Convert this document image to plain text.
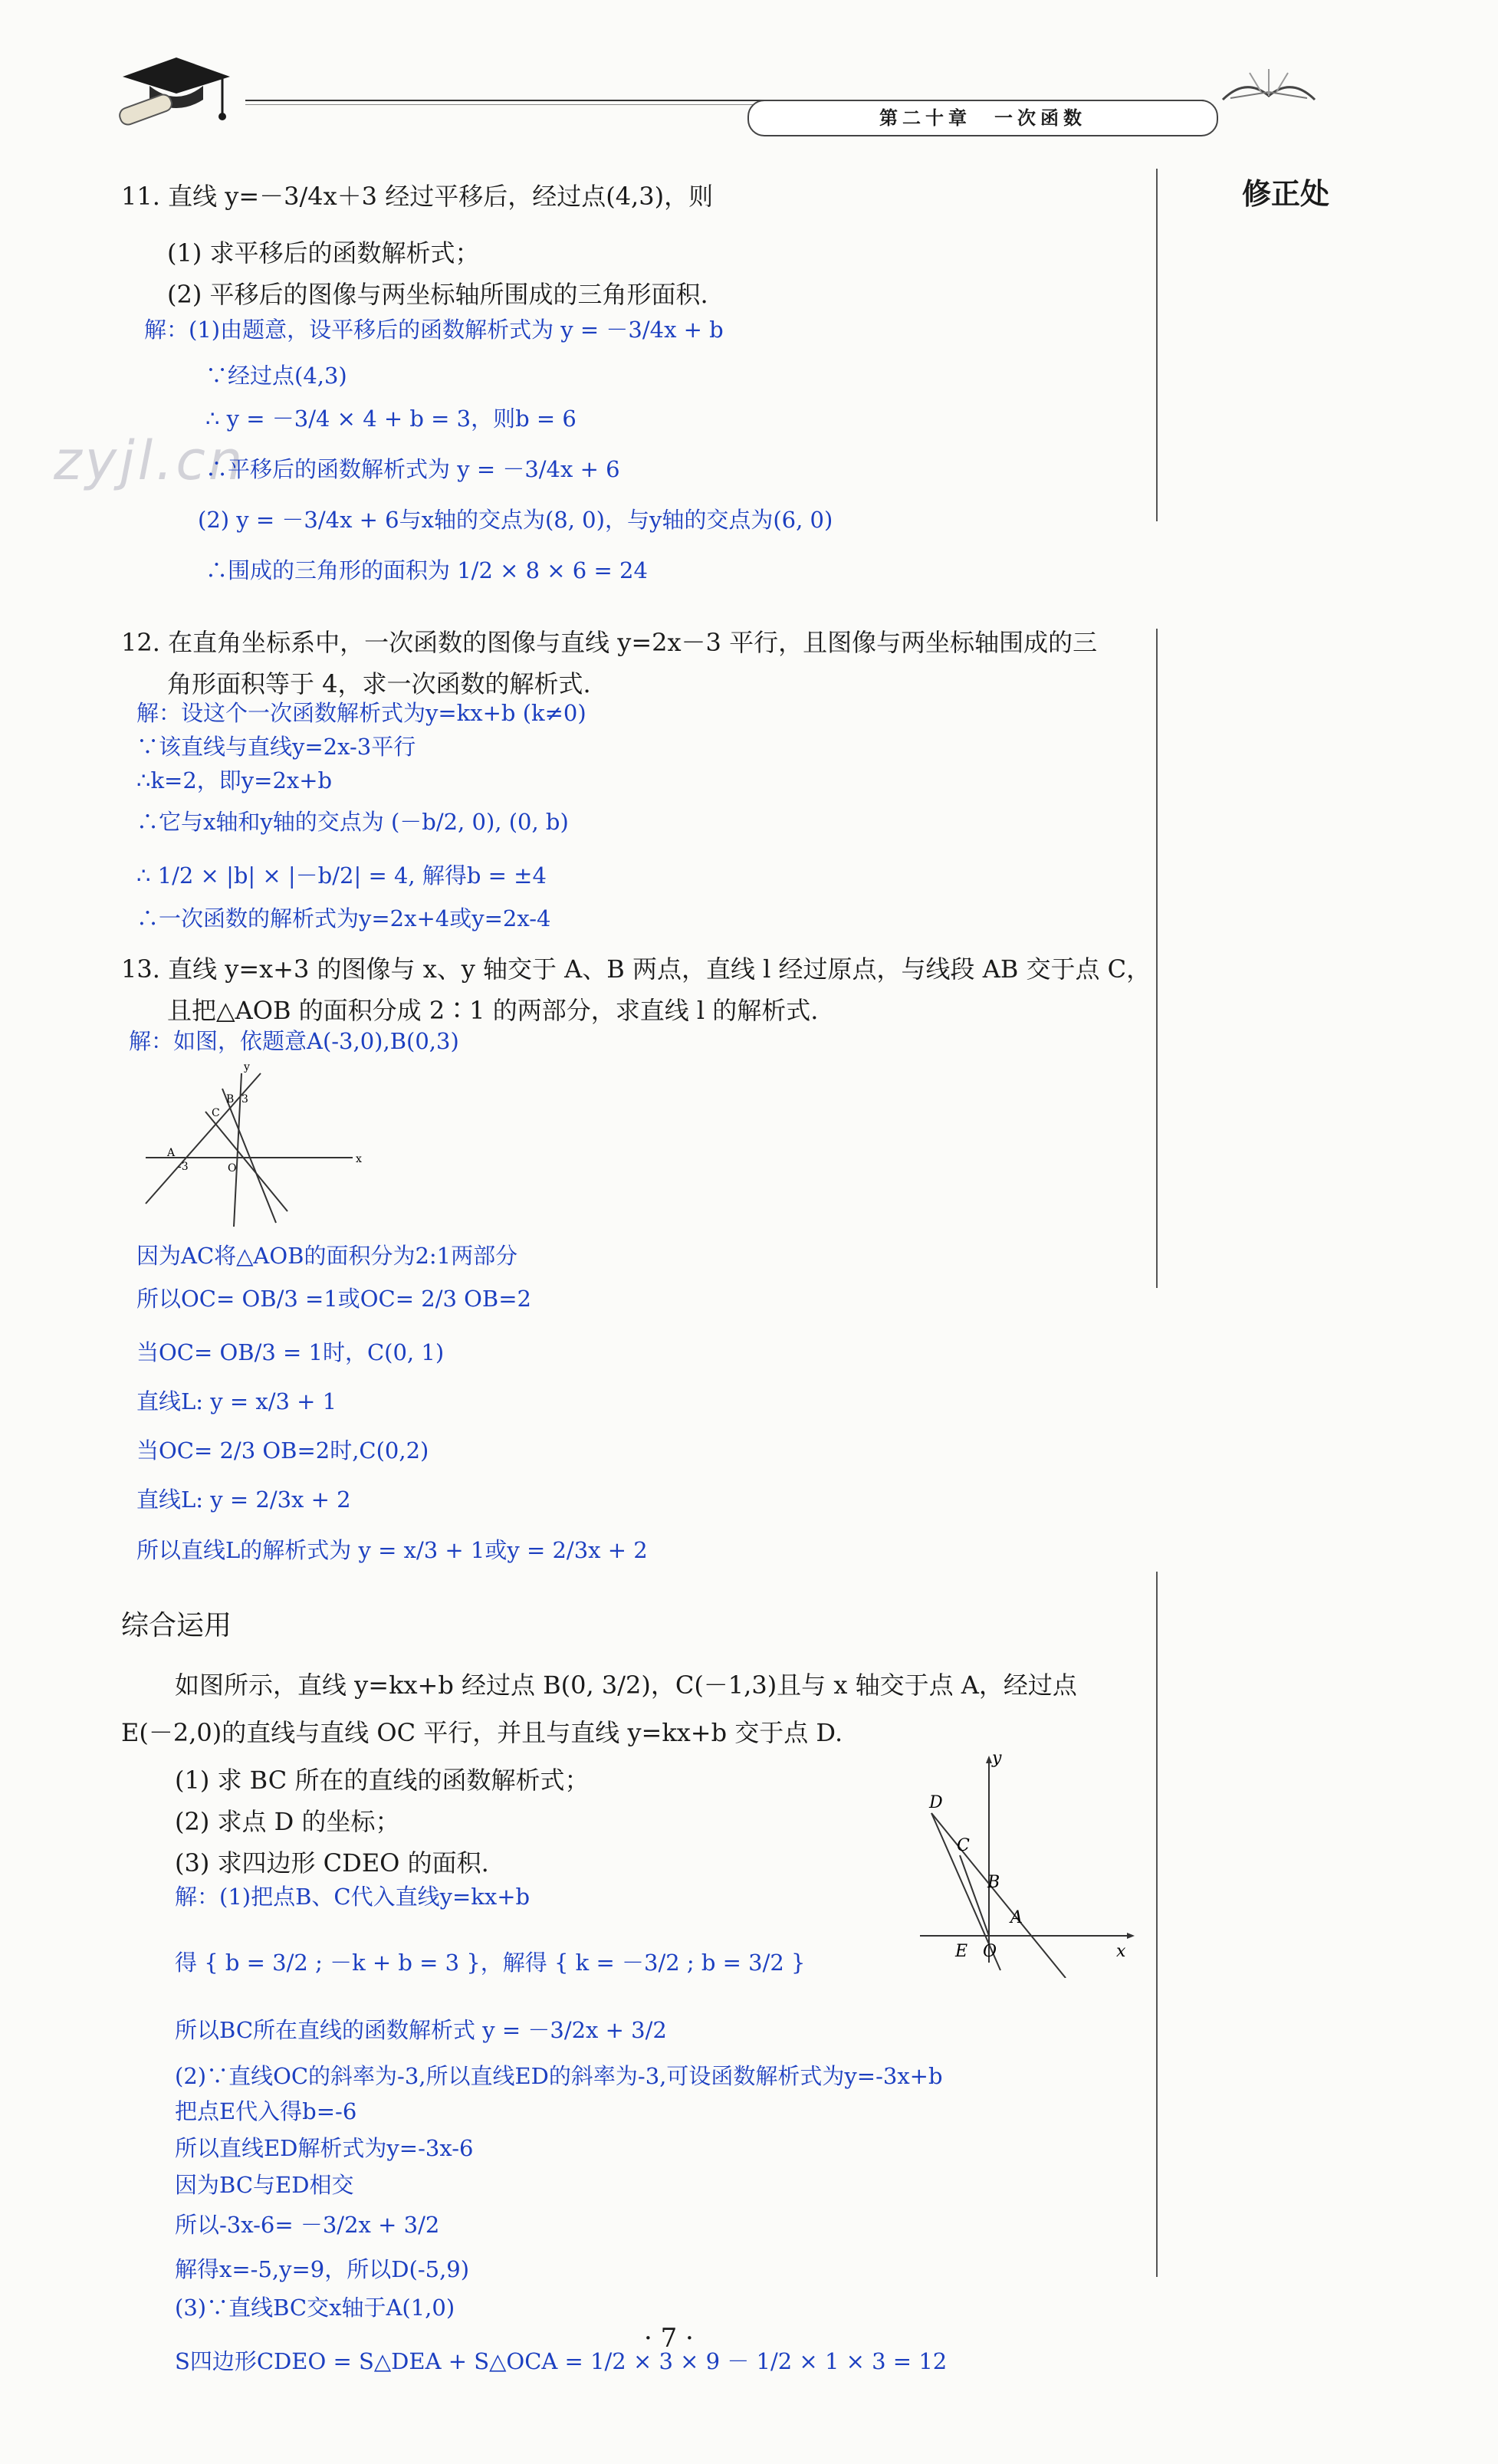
第二十章　一次函数
修正处
zyjl.cn
11. 直线 y=－3/4x＋3 经过平移后，经过点(4,3)，则
(1) 求平移后的函数解析式；
(2) 平移后的图像与两坐标轴所围成的三角形面积.
解：(1)由题意，设平移后的函数解析式为 y = －3/4x + b
∵经过点(4,3)
∴ y = －3/4 × 4 + b = 3，则b = 6
∴平移后的函数解析式为 y = －3/4x + 6
(2) y = －3/4x + 6与x轴的交点为(8, 0)，与y轴的交点为(6, 0)
∴围成的三角形的面积为 1/2 × 8 × 6 = 24
12. 在直角坐标系中，一次函数的图像与直线 y=2x－3 平行，且图像与两坐标轴围成的三
角形面积等于 4，求一次函数的解析式.
解：设这个一次函数解析式为y=kx+b (k≠0)
∵该直线与直线y=2x-3平行
∴k=2，即y=2x+b
∴它与x轴和y轴的交点为 (－b/2, 0), (0, b)
∴ 1/2 × |b| × |－b/2| = 4, 解得b = ±4
∴一次函数的解析式为y=2x+4或y=2x-4
13. 直线 y=x+3 的图像与 x、y 轴交于 A、B 两点，直线 l 经过原点，与线段 AB 交于点 C，
且把△AOB 的面积分成 2∶1 的两部分，求直线 l 的解析式.
解：如图，依题意A(-3,0),B(0,3)
y
x
B 3
C
A
-3	O
因为AC将△AOB的面积分为2:1两部分
所以OC= OB/3 =1或OC= 2/3 OB=2
当OC= OB/3 = 1时，C(0, 1)
直线L: y = x/3 + 1
当OC= 2/3 OB=2时,C(0,2)
直线L: y = 2/3x + 2
所以直线L的解析式为 y = x/3 + 1或y = 2/3x + 2
综合运用
如图所示，直线 y=kx+b 经过点 B(0, 3/2)，C(－1,3)且与 x 轴交于点 A，经过点
E(－2,0)的直线与直线 OC 平行，并且与直线 y=kx+b 交于点 D.
(1) 求 BC 所在的直线的函数解析式；
(2) 求点 D 的坐标；
(3) 求四边形 CDEO 的面积.
y
x
D
C
B
A
E O
解：(1)把点B、C代入直线y=kx+b
得 { b = 3/2 ; －k + b = 3 }，解得 { k = －3/2 ; b = 3/2 }
所以BC所在直线的函数解析式 y = －3/2x + 3/2
(2)∵直线OC的斜率为-3,所以直线ED的斜率为-3,可设函数解析式为y=-3x+b
把点E代入得b=-6
所以直线ED解析式为y=-3x-6
因为BC与ED相交
所以-3x-6= －3/2x + 3/2
解得x=-5,y=9，所以D(-5,9)
(3)∵直线BC交x轴于A(1,0)
S四边形CDEO = S△DEA + S△OCA = 1/2 × 3 × 9 － 1/2 × 1 × 3 = 12
· 7 ·
